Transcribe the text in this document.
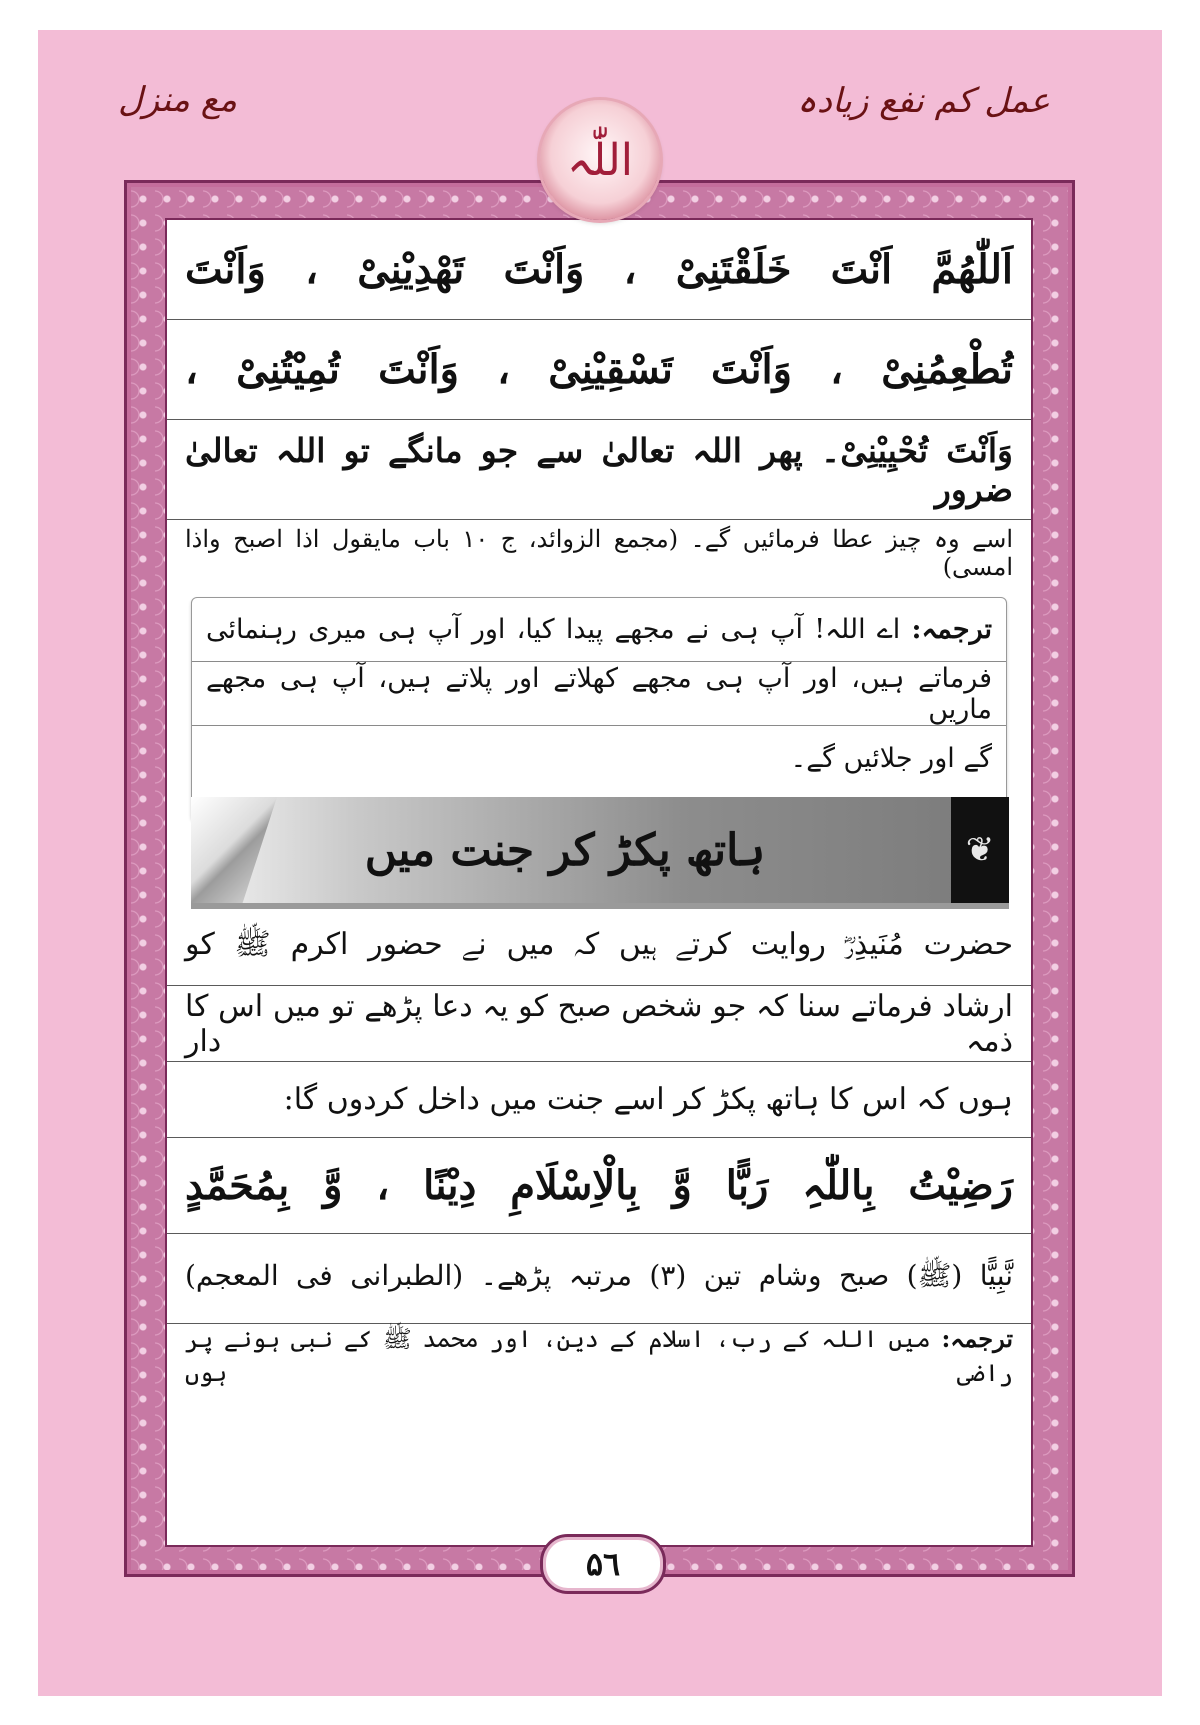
مع منزل	عمل کم نفع زیادہ
اللّٰہ
اَللّٰھُمَّ اَنْتَ خَلَقْتَنِیْ ، وَاَنْتَ تَھْدِیْنِیْ ، وَاَنْتَ
تُطْعِمُنِیْ ، وَاَنْتَ تَسْقِیْنِیْ ، وَاَنْتَ تُمِیْتُنِیْ ،
وَاَنْتَ تُحْیِیْنِیْ۔ پھر اللہ تعالیٰ سے جو مانگے تو اللہ تعالیٰ ضرور
اسے وہ چیز عطا فرمائیں گے۔ (مجمع الزوائد، ج ۱۰ باب مایقول اذا اصبح واذا امسی)
ترجمہ: اے اللہ! آپ ہی نے مجھے پیدا کیا، اور آپ ہی میری رہنمائی
فرماتے ہیں، اور آپ ہی مجھے کھلاتے اور پلاتے ہیں، آپ ہی مجھے ماریں
گے اور جلائیں گے۔
ہاتھ پکڑ کر جنت میں	❦
حضرت مُنَیذِرؓ روایت کرتے ہیں کہ میں نے حضور اکرم ﷺ کو
ارشاد فرماتے سنا کہ جو شخص صبح کو یہ دعا پڑھے تو میں اس کا ذمہ دار
ہوں کہ اس کا ہاتھ پکڑ کر اسے جنت میں داخل کردوں گا:
رَضِیْتُ بِاللّٰہِ رَبًّا وَّ بِالْاِسْلَامِ دِیْنًا ، وَّ بِمُحَمَّدٍ
نَّبِیًّا (ﷺ) صبح وشام تین (۳) مرتبہ پڑھے۔ (الطبرانی فی المعجم)
ترجمہ: میں اللہ کے رب، اسلام کے دین، اور محمد ﷺ کے نبی ہونے پر راضی ہوں
۵٦
